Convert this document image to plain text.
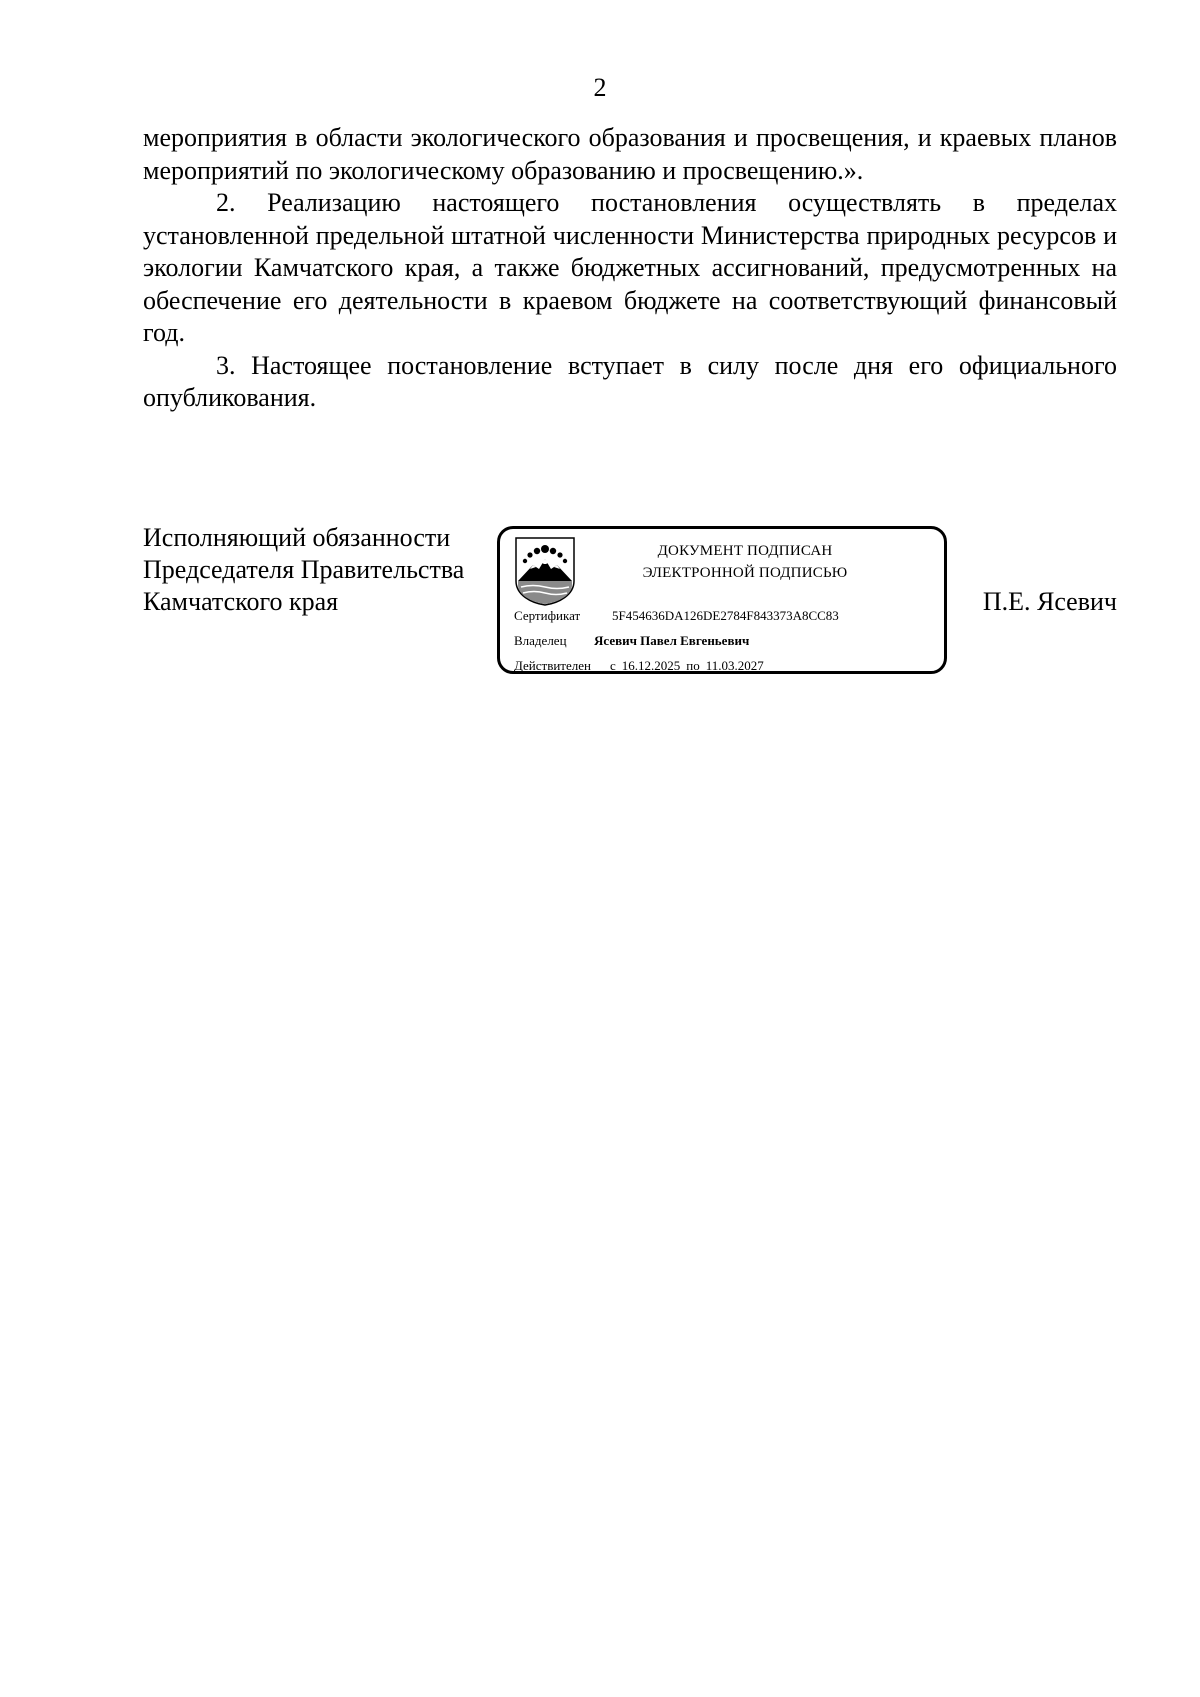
2

мероприятия в области экологического образования и просвещения, и краевых планов мероприятий по экологическому образованию и просвещению.».

2. Реализацию настоящего постановления осуществлять в пределах установленной предельной штатной численности Министерства природных ресурсов и экологии Камчатского края, а также бюджетных ассигнований, предусмотренных на обеспечение его деятельности в краевом бюджете на соответствующий финансовый год.

3. Настоящее постановление вступает в силу после дня его официального опубликования.

Исполняющий обязанности
Председателя Правительства
Камчатского края
ДОКУМЕНТ ПОДПИСАН
ЭЛЕКТРОННОЙ ПОДПИСЬЮ
Сертификат 5F454636DA126DE2784F843373A8CC83
Владелец Ясевич Павел Евгеньевич
Действителен с 16.12.2025 по 11.03.2027
П.Е. Ясевич
